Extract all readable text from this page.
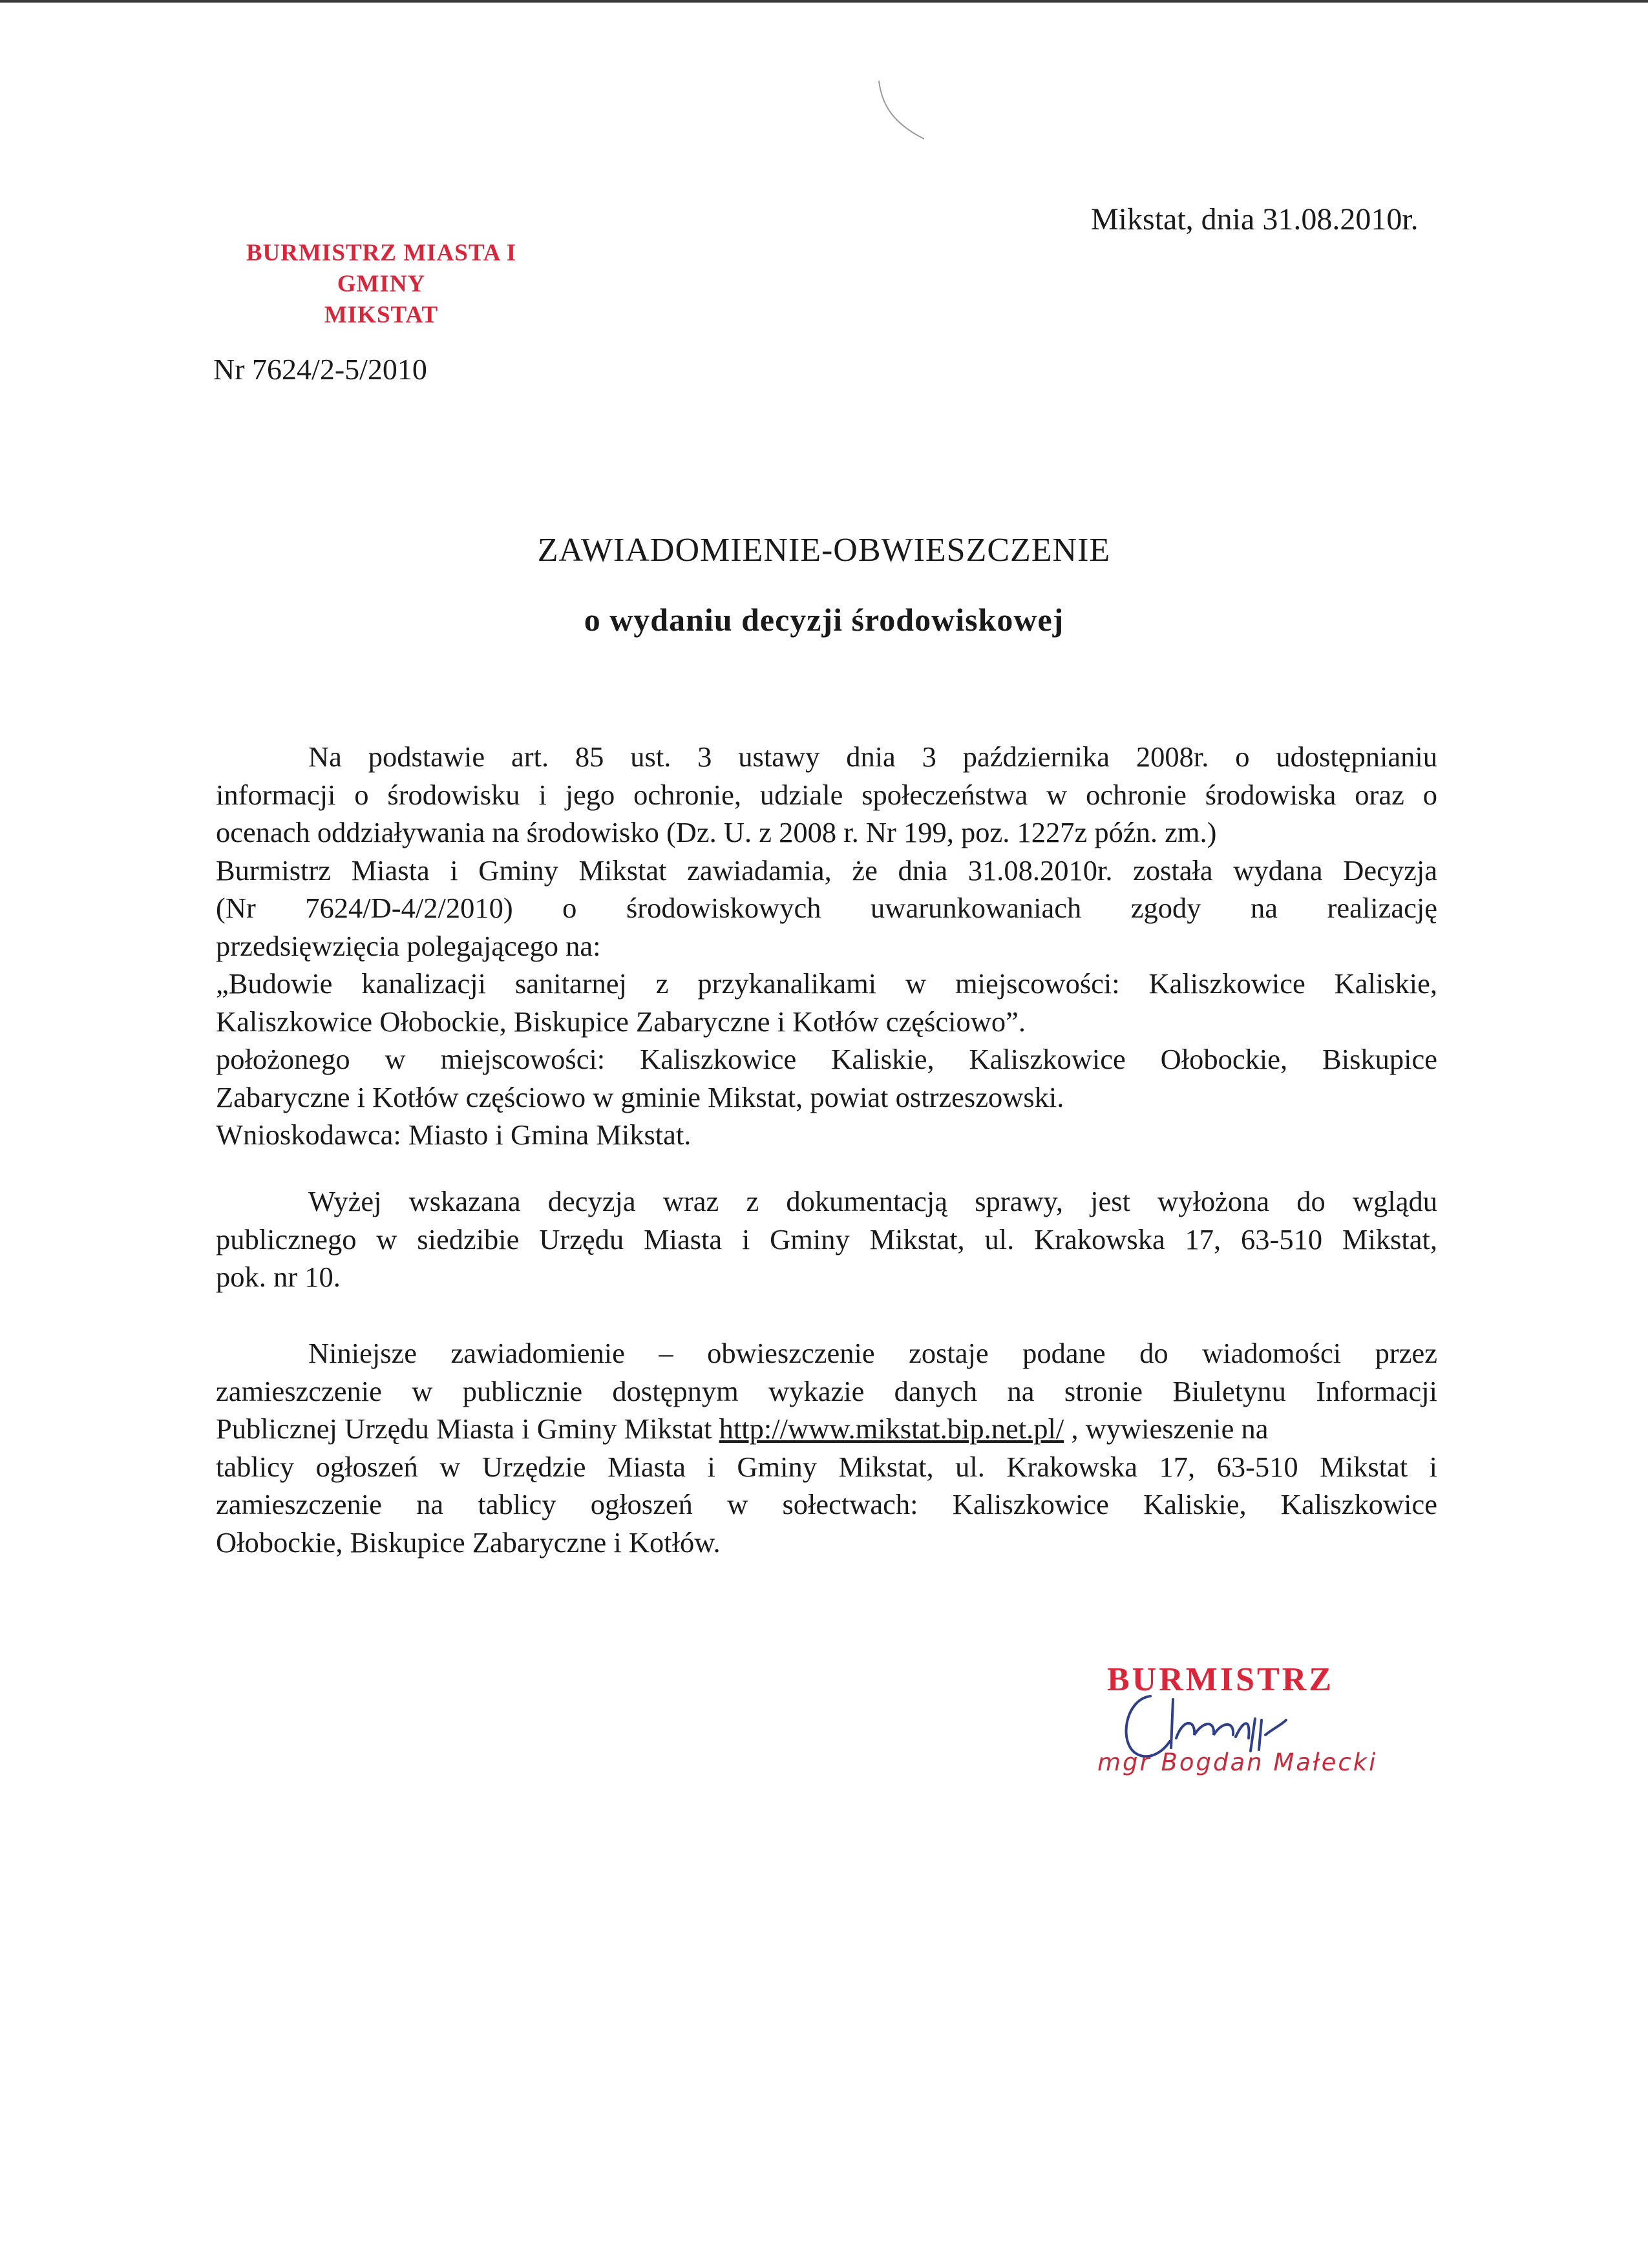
BURMISTRZ MIASTA I GMINY
MIKSTAT
Mikstat, dnia 31.08.2010r.
Nr 7624/2-5/2010
ZAWIADOMIENIE-OBWIESZCZENIE
o wydaniu decyzji środowiskowej
Na podstawie art. 85 ust. 3 ustawy dnia 3 października 2008r. o udostępnianiu
informacji o środowisku i jego ochronie, udziale społeczeństwa w ochronie środowiska oraz o
ocenach oddziaływania na środowisko (Dz. U. z 2008 r. Nr 199, poz. 1227z późn. zm.)
Burmistrz Miasta i Gminy Mikstat zawiadamia, że dnia 31.08.2010r. została wydana Decyzja
(Nr 7624/D-4/2/2010) o środowiskowych uwarunkowaniach zgody na realizację
przedsięwzięcia polegającego na:
„Budowie kanalizacji sanitarnej z przykanalikami w miejscowości: Kaliszkowice Kaliskie,
Kaliszkowice Ołobockie, Biskupice Zabaryczne i Kotłów częściowo”.
położonego w miejscowości: Kaliszkowice Kaliskie, Kaliszkowice Ołobockie, Biskupice
Zabaryczne i Kotłów częściowo w gminie Mikstat, powiat ostrzeszowski.
Wnioskodawca: Miasto i Gmina Mikstat.
Wyżej wskazana decyzja wraz z dokumentacją sprawy, jest wyłożona do wglądu
publicznego w siedzibie Urzędu Miasta i Gminy Mikstat, ul. Krakowska 17, 63-510 Mikstat,
pok. nr 10.
Niniejsze zawiadomienie – obwieszczenie zostaje podane do wiadomości przez
zamieszczenie w publicznie dostępnym wykazie danych na stronie Biuletynu Informacji
Publicznej Urzędu Miasta i Gminy Mikstat http://www.mikstat.bip.net.pl/ , wywieszenie na
tablicy ogłoszeń w Urzędzie Miasta i Gminy Mikstat, ul. Krakowska 17, 63-510 Mikstat i
zamieszczenie na tablicy ogłoszeń w sołectwach: Kaliszkowice Kaliskie, Kaliszkowice
Ołobockie, Biskupice Zabaryczne i Kotłów.
BURMISTRZ
mgr Bogdan Małecki
